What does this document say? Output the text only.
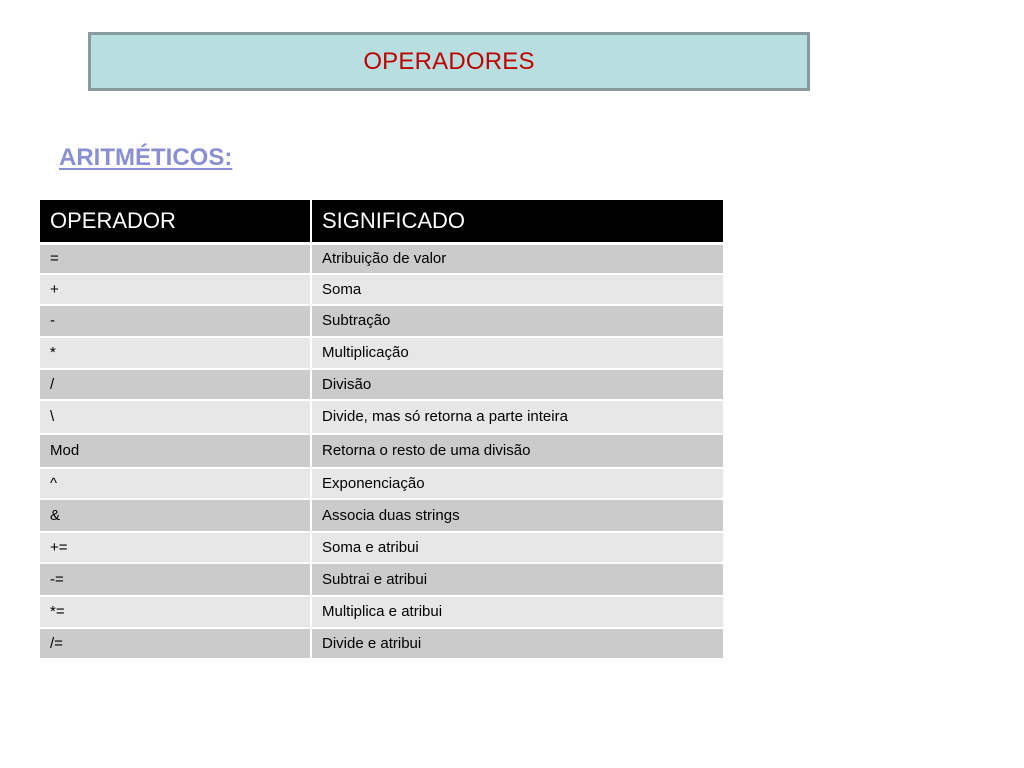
OPERADORES
ARITMÉTICOS:
OPERADOR	SIGNIFICADO
=	Atribuição de valor
+	Soma
-	Subtração
*	Multiplicação
/	Divisão
\	Divide, mas só retorna a parte inteira
Mod	Retorna o resto de uma divisão
^	Exponenciação
&	Associa duas strings
+=	Soma e atribui
-=	Subtrai e atribui
*=	Multiplica e atribui
/=	Divide e atribui
